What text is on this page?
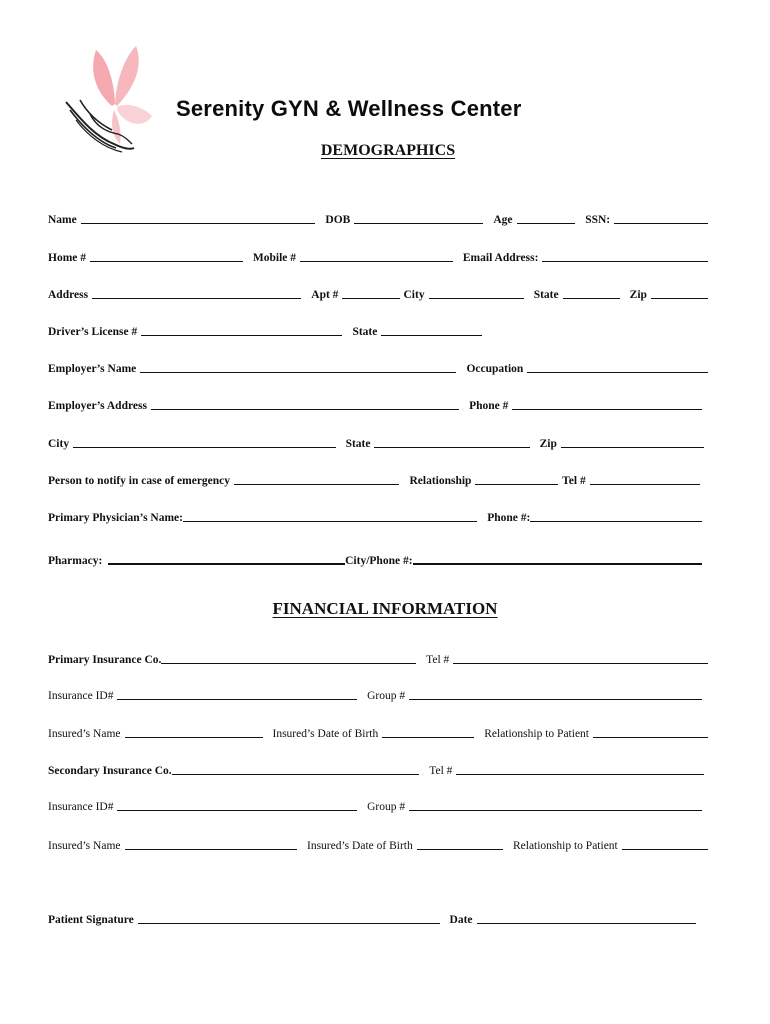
Serenity GYN & Wellness Center
DEMOGRAPHICS
Name	DOB	Age	SSN:
Home #	Mobile #	Email Address:
Address	Apt #	City	State	Zip
Driver’s License #	State
Employer’s Name	Occupation
Employer’s Address	Phone #
City	State	Zip
Person to notify in case of emergency	Relationship	Tel #
Primary Physician’s Name:	Phone #:
Pharmacy:	City/Phone #:
FINANCIAL INFORMATION
Primary Insurance Co.	Tel #
Insurance ID#	Group #
Insured’s Name	Insured’s Date of Birth	Relationship to Patient
Secondary Insurance Co.	Tel #
Insurance ID#	Group #
Insured’s Name	Insured’s Date of Birth	Relationship to Patient
Patient Signature	Date
